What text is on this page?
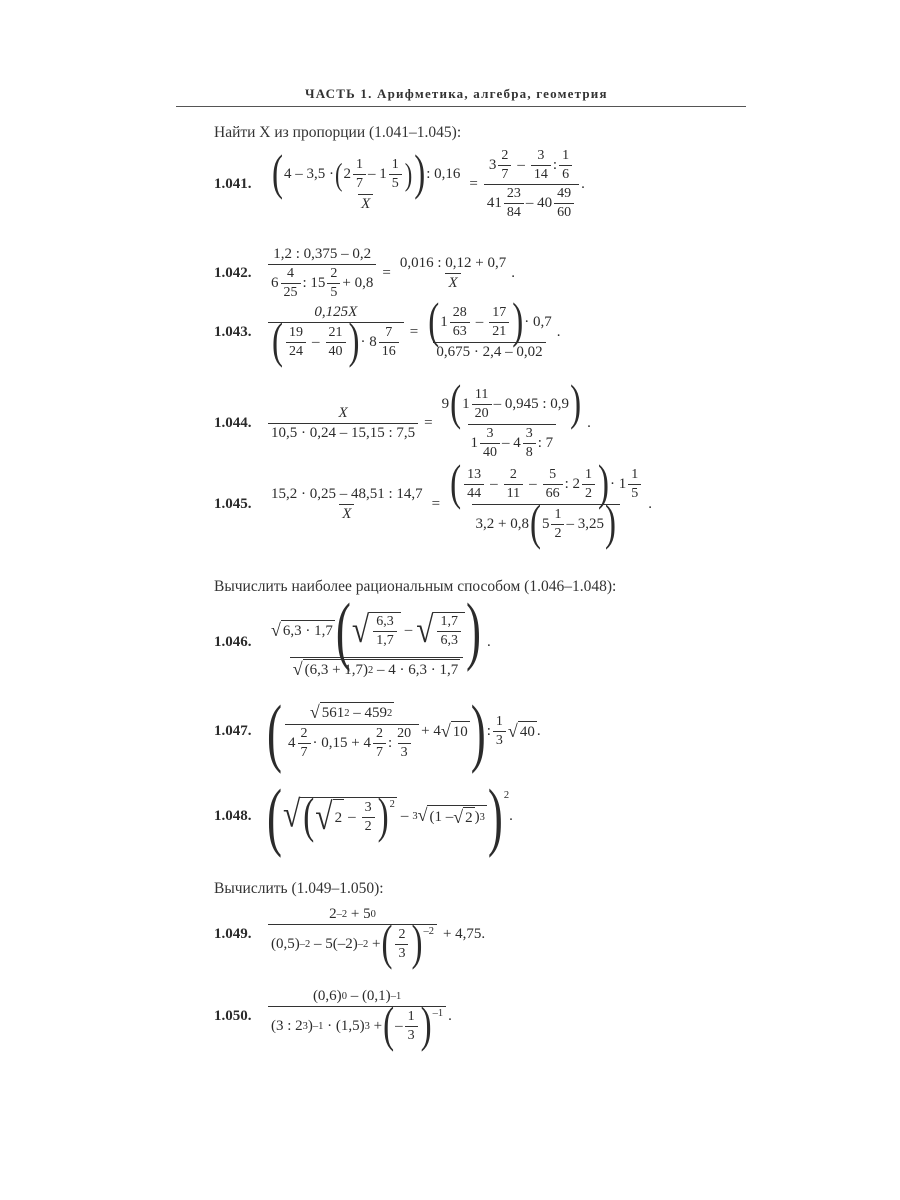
ЧАСТЬ 1. Арифметика, алгебра, геометрия
Найти X из пропорции (1.041–1.045):
1.041. ( 4 – 3,5 · ( $2 \frac{1}{7} - 1 \frac{1}{5}$ ) ) : 0,16
X
= $\frac{3 \frac{2}{7} - \frac{3}{14} : \frac{1}{6}}{41 \frac{23}{84} - 40 \frac{49}{60}}$ .
1.042.	$\frac{1,2 : 0,375 - 0,2}{6 \frac{4}{25} : 15 \frac{2}{5} + 0,8} = \frac{0,016 : 0,12 + 0,7}{X}$ .
1.043.
0,125X
( $\frac{19}{24} - \frac{21}{40}$ ) · $8 \frac{7}{16} = \frac{( 1 \frac{28}{63} - \frac{17}{21} ) \cdot 0,7}{0,675 \cdot 2,4 - 0,02}$ .
1.044.	$\frac{X}{10,5 \cdot 0,24 - 15,15 : 7,5} = \frac{9 ( 1 \frac{11}{20} - 0,945 : 0,9 )}{1 \frac{3}{40} - 4 \frac{3}{8} : 7}$ .
1.045.	$\frac{15,2 \cdot 0,25 - 48,51 : 14,7}{X}$ = ( $\frac{13}{44} - \frac{2}{11} - \frac{5}{66}$ : $2 \frac{1}{2}$ ) · $1 \frac{1}{5}$
3,2 + 0,8 ( $5 \frac{1}{2} - 3,25$ ) .
Вычислить наиболее рациональным способом (1.046–1.048):
1.046.
√ 6,3 · 1,7 ( √ $\frac{6,3}{1,7}$ – √ $\frac{1,7}{6,3}$ )
√ (6,3 + 1,7) 2
– 4 · 6,3 · 1,7
.
1.047. ( √ 561 2
– 459 2
$4 \frac{2}{7} \cdot 0,15 + 4 \frac{2}{7}$ : $\frac{20}{3} + 4$ √ 10 ) : $\frac{1}{3}$ √ 40 .
1.048. ( √ ( √ $2 - \frac{3}{2} )^2$
– 3 √ (1 – √ 2 ) 3 )$^2$
.
Вычислить (1.049–1.050):
1.049.
2 –2
+ 5 0
(0,5) –2
– 5(–2) –2
+ ( $\frac{2}{3} )^{-2} + 4,75$.
1.050.
(0,6) 0
– (0,1) –1
(3 : 2 3 ) –1
· (1,5) 3
+ ( – $\frac{1}{3} )^{-1}$ .
